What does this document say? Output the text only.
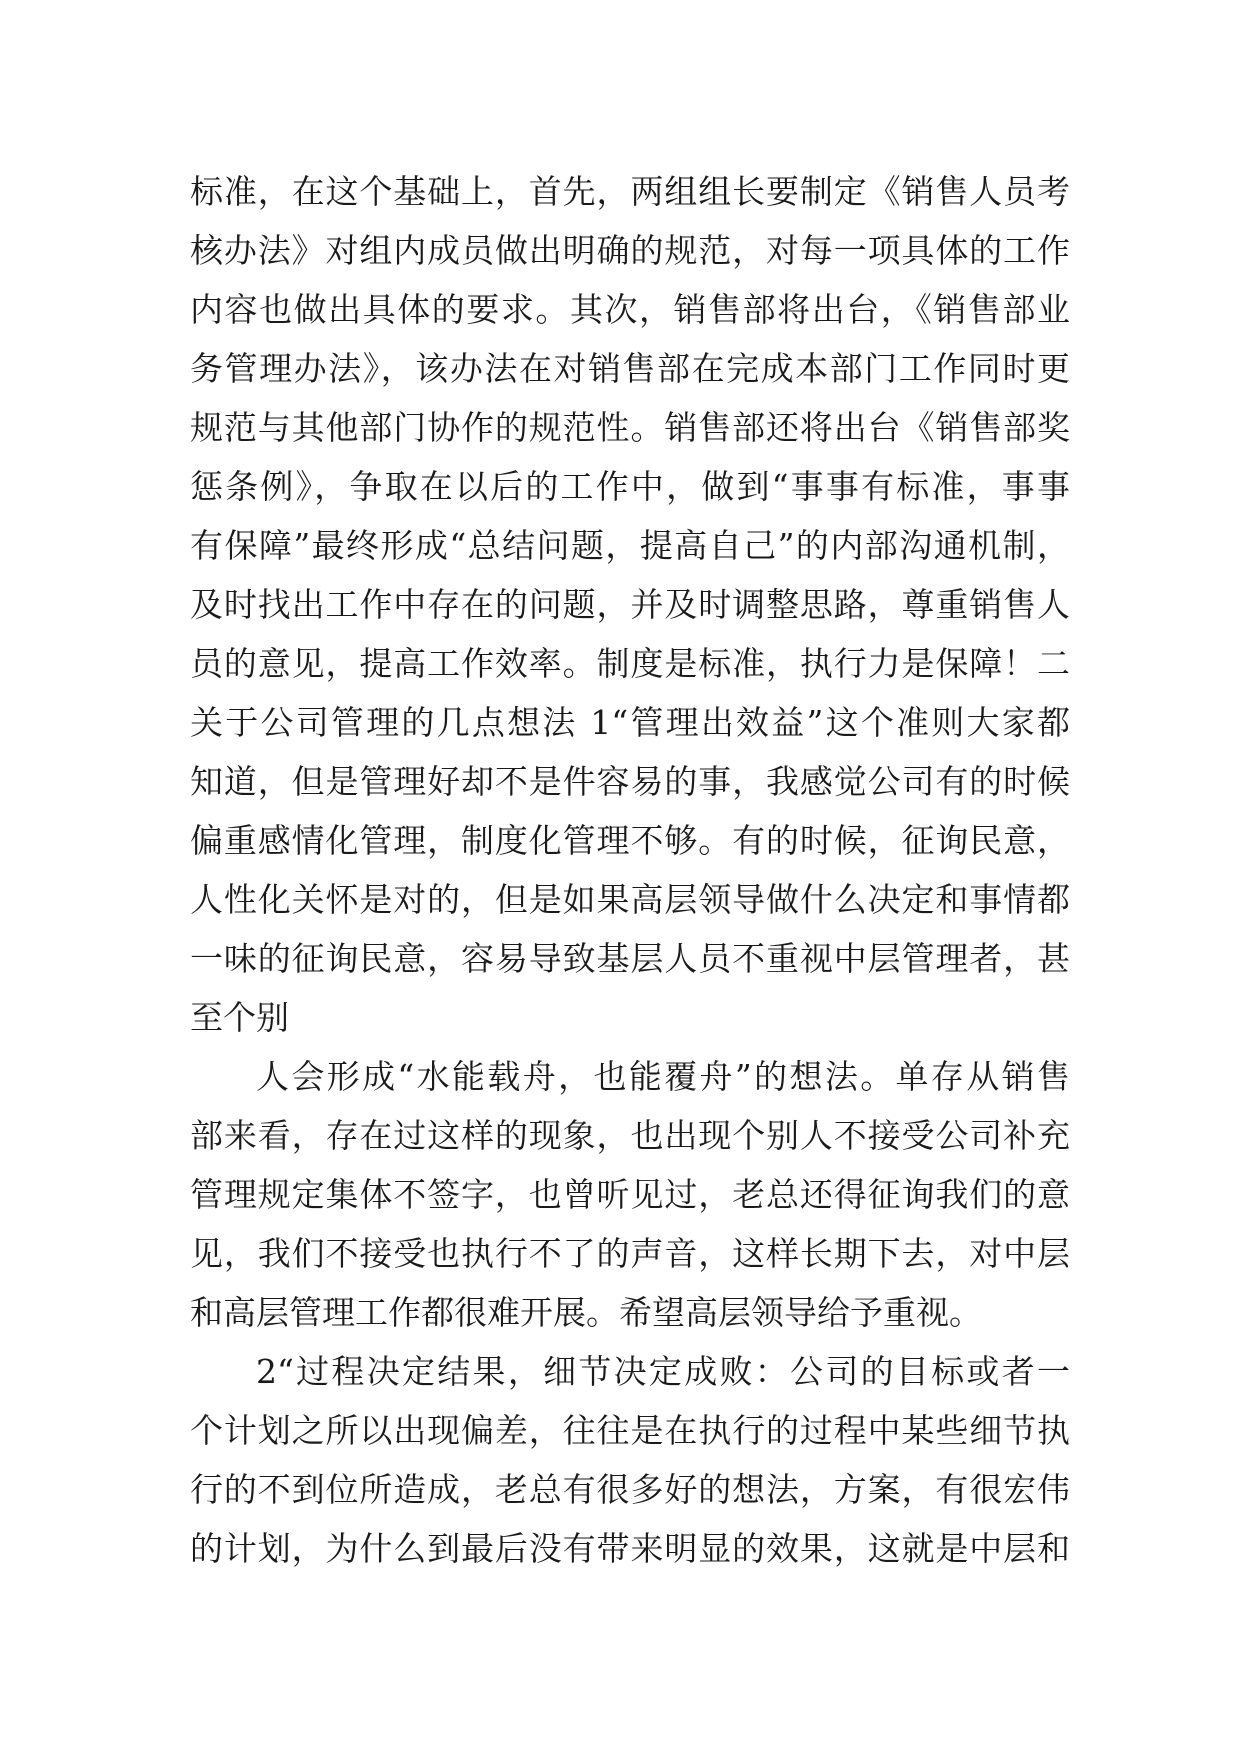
标准，在这个基础上，首先，两组组长要制定《销售人员考
核办法》对组内成员做出明确的规范，对每一项具体的工作
内容也做出具体的要求。其次，销售部将出台，《销售部业
务管理办法》，该办法在对销售部在完成本部门工作同时更
规范与其他部门协作的规范性。销售部还将出台《销售部奖
惩条例》，争取在以后的工作中，做到“事事有标准，事事
有保障”最终形成“总结问题，提高自己”的内部沟通机制，
及时找出工作中存在的问题，并及时调整思路，尊重销售人
员的意见，提高工作效率。制度是标准，执行力是保障！二
关于公司管理的几点想法 1“管理出效益”这个准则大家都
知道，但是管理好却不是件容易的事，我感觉公司有的时候
偏重感情化管理，制度化管理不够。有的时候，征询民意，
人性化关怀是对的，但是如果高层领导做什么决定和事情都
一味的征询民意，容易导致基层人员不重视中层管理者，甚
至个别
人会形成“水能载舟，也能覆舟”的想法。单存从销售
部来看，存在过这样的现象，也出现个别人不接受公司补充
管理规定集体不签字，也曾听见过，老总还得征询我们的意
见，我们不接受也执行不了的声音，这样长期下去，对中层
和高层管理工作都很难开展。希望高层领导给予重视。
2“过程决定结果，细节决定成败：公司的目标或者一
个计划之所以出现偏差，往往是在执行的过程中某些细节执
行的不到位所造成，老总有很多好的想法，方案，有很宏伟
的计划，为什么到最后没有带来明显的效果，这就是中层和
